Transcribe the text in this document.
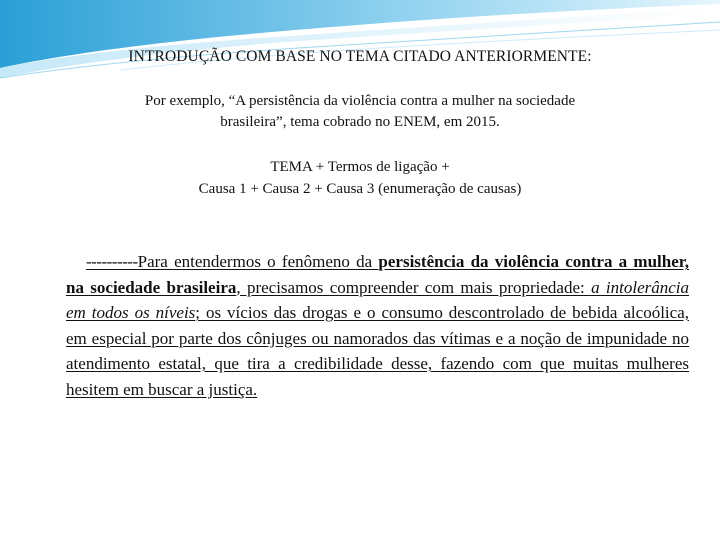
INTRODUÇÃO COM BASE NO TEMA CITADO ANTERIORMENTE:
Por exemplo, “A persistência da violência contra a mulher na sociedade
brasileira”, tema cobrado no ENEM, em 2015.
TEMA + Termos de ligação +
Causa 1 + Causa 2 + Causa 3 (enumeração de causas)
----------Para entendermos o fenômeno da persistência da violência contra a mulher, na sociedade brasileira, precisamos compreender com mais propriedade: a intolerância em todos os níveis; os vícios das drogas e o consumo descontrolado de bebida alcoólica, em especial por parte dos cônjuges ou namorados das vítimas e a noção de impunidade no atendimento estatal, que tira a credibilidade desse, fazendo com que muitas mulheres hesitem em buscar a justiça.
